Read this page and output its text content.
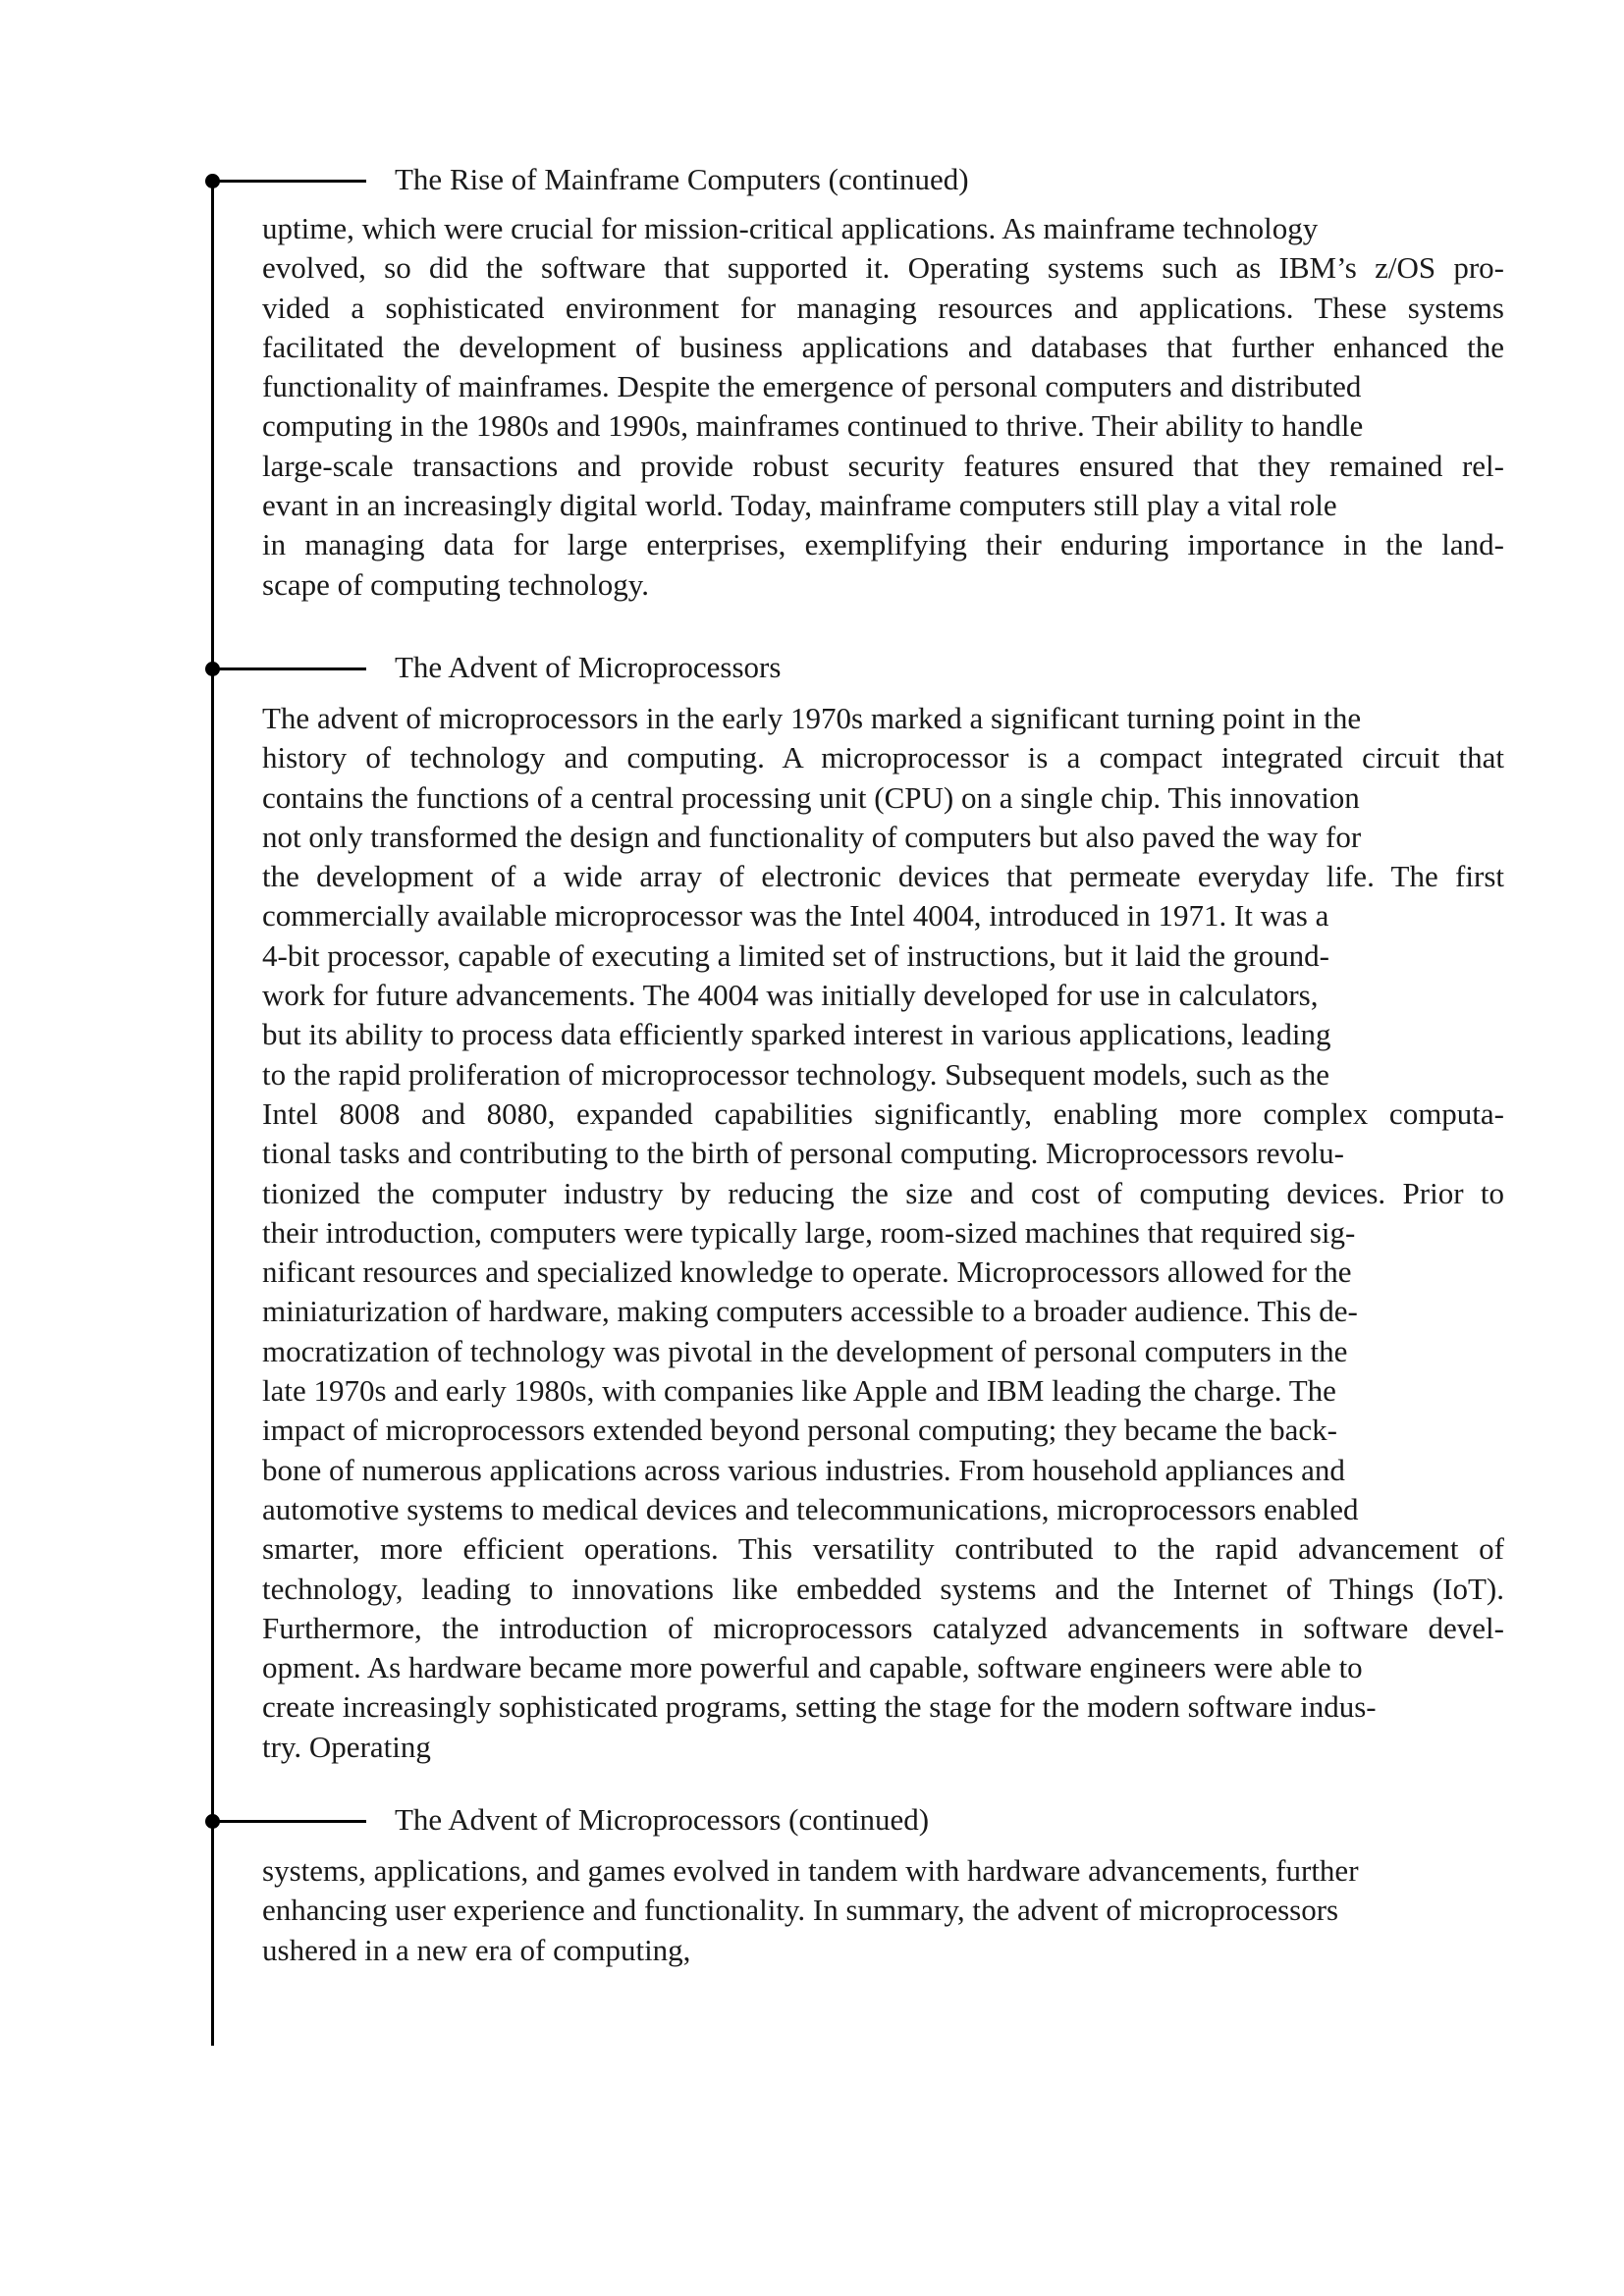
The Rise of Mainframe Computers (continued)
uptime, which were crucial for mission-critical applications. As mainframe technology
evolved, so did the software that supported it. Operating systems such as IBM’s z/OS pro-
vided a sophisticated environment for managing resources and applications. These systems
facilitated the development of business applications and databases that further enhanced the
functionality of mainframes. Despite the emergence of personal computers and distributed
computing in the 1980s and 1990s, mainframes continued to thrive. Their ability to handle
large-scale transactions and provide robust security features ensured that they remained rel-
evant in an increasingly digital world. Today, mainframe computers still play a vital role
in managing data for large enterprises, exemplifying their enduring importance in the land-
scape of computing technology.
The Advent of Microprocessors
The advent of microprocessors in the early 1970s marked a significant turning point in the
history of technology and computing. A microprocessor is a compact integrated circuit that
contains the functions of a central processing unit (CPU) on a single chip. This innovation
not only transformed the design and functionality of computers but also paved the way for
the development of a wide array of electronic devices that permeate everyday life. The first
commercially available microprocessor was the Intel 4004, introduced in 1971. It was a
4-bit processor, capable of executing a limited set of instructions, but it laid the ground-
work for future advancements. The 4004 was initially developed for use in calculators,
but its ability to process data efficiently sparked interest in various applications, leading
to the rapid proliferation of microprocessor technology. Subsequent models, such as the
Intel 8008 and 8080, expanded capabilities significantly, enabling more complex computa-
tional tasks and contributing to the birth of personal computing. Microprocessors revolu-
tionized the computer industry by reducing the size and cost of computing devices. Prior to
their introduction, computers were typically large, room-sized machines that required sig-
nificant resources and specialized knowledge to operate. Microprocessors allowed for the
miniaturization of hardware, making computers accessible to a broader audience. This de-
mocratization of technology was pivotal in the development of personal computers in the
late 1970s and early 1980s, with companies like Apple and IBM leading the charge. The
impact of microprocessors extended beyond personal computing; they became the back-
bone of numerous applications across various industries. From household appliances and
automotive systems to medical devices and telecommunications, microprocessors enabled
smarter, more efficient operations. This versatility contributed to the rapid advancement of
technology, leading to innovations like embedded systems and the Internet of Things (IoT).
Furthermore, the introduction of microprocessors catalyzed advancements in software devel-
opment. As hardware became more powerful and capable, software engineers were able to
create increasingly sophisticated programs, setting the stage for the modern software indus-
try. Operating
The Advent of Microprocessors (continued)
systems, applications, and games evolved in tandem with hardware advancements, further
enhancing user experience and functionality. In summary, the advent of microprocessors
ushered in a new era of computing,
